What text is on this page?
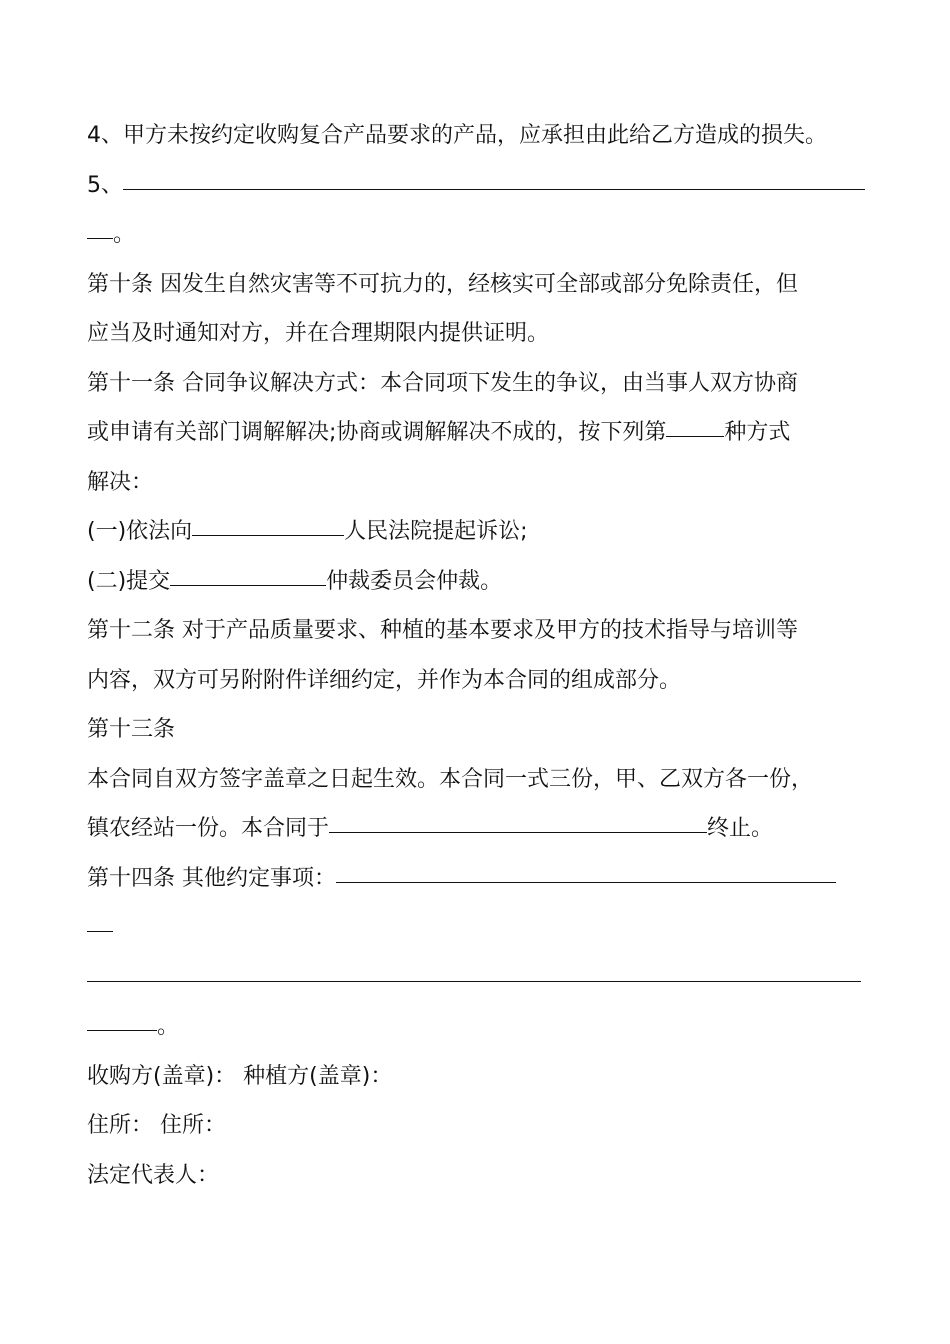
4、甲方未按约定收购复合产品要求的产品，应承担由此给乙方造成的损失。
5、
。
第十条 因发生自然灾害等不可抗力的，经核实可全部或部分免除责任，但
应当及时通知对方，并在合理期限内提供证明。
第十一条 合同争议解决方式：本合同项下发生的争议，由当事人双方协商
或申请有关部门调解解决;协商或调解解决不成的，按下列第	种方式
解决：
(一)依法向	人民法院提起诉讼;
(二)提交	仲裁委员会仲裁。
第十二条 对于产品质量要求、种植的基本要求及甲方的技术指导与培训等
内容，双方可另附附件详细约定，并作为本合同的组成部分。
第十三条
本合同自双方签字盖章之日起生效。本合同一式三份，甲、乙双方各一份，
镇农经站一份。本合同于	终止。
第十四条 其他约定事项：
。
收购方(盖章)： 种植方(盖章)：
住所： 住所：
法定代表人：
